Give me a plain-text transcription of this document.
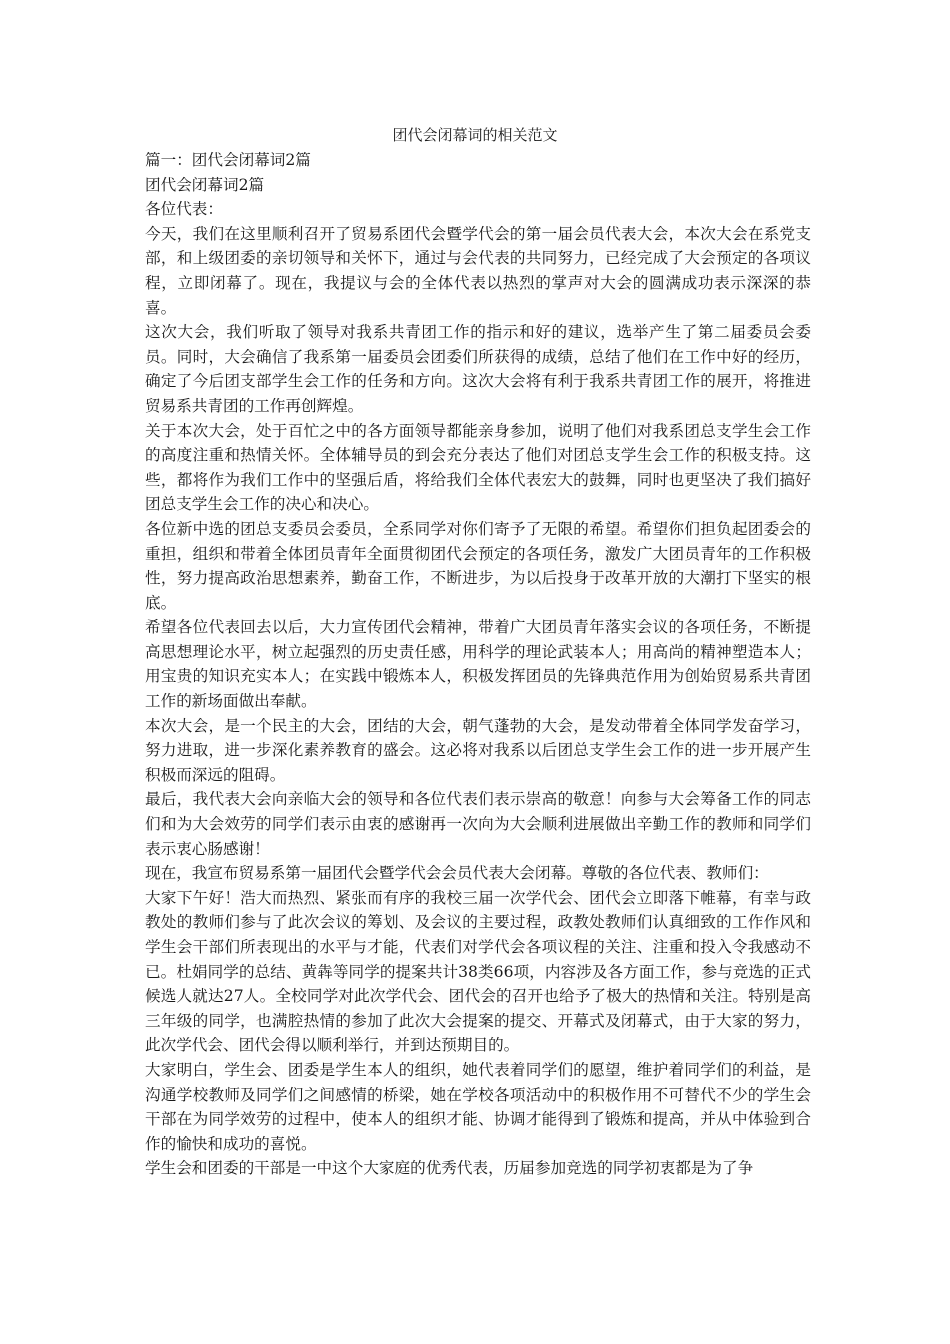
团代会闭幕词的相关范文

篇一：团代会闭幕词2篇

团代会闭幕词2篇

各位代表：

今天，我们在这里顺利召开了贸易系团代会暨学代会的第一届会员代表大会，本次大会在系党支部，和上级团委的亲切领导和关怀下，通过与会代表的共同努力，已经完成了大会预定的各项议程，立即闭幕了。现在，我提议与会的全体代表以热烈的掌声对大会的圆满成功表示深深的恭喜。

这次大会，我们听取了领导对我系共青团工作的指示和好的建议，选举产生了第二届委员会委员。同时，大会确信了我系第一届委员会团委们所获得的成绩，总结了他们在工作中好的经历，确定了今后团支部学生会工作的任务和方向。这次大会将有利于我系共青团工作的展开，将推进贸易系共青团的工作再创辉煌。

关于本次大会，处于百忙之中的各方面领导都能亲身参加，说明了他们对我系团总支学生会工作的高度注重和热情关怀。全体辅导员的到会充分表达了他们对团总支学生会工作的积极支持。这些，都将作为我们工作中的坚强后盾，将给我们全体代表宏大的鼓舞，同时也更坚决了我们搞好团总支学生会工作的决心和决心。

各位新中选的团总支委员会委员，全系同学对你们寄予了无限的希望。希望你们担负起团委会的重担，组织和带着全体团员青年全面贯彻团代会预定的各项任务，激发广大团员青年的工作积极性，努力提高政治思想素养，勤奋工作，不断进步，为以后投身于改革开放的大潮打下坚实的根底。

希望各位代表回去以后，大力宣传团代会精神，带着广大团员青年落实会议的各项任务，不断提高思想理论水平，树立起强烈的历史责任感，用科学的理论武装本人；用高尚的精神塑造本人；用宝贵的知识充实本人；在实践中锻炼本人，积极发挥团员的先锋典范作用为创始贸易系共青团工作的新场面做出奉献。

本次大会，是一个民主的大会，团结的大会，朝气蓬勃的大会，是发动带着全体同学发奋学习，努力进取，进一步深化素养教育的盛会。这必将对我系以后团总支学生会工作的进一步开展产生积极而深远的阻碍。

最后，我代表大会向亲临大会的领导和各位代表们表示崇高的敬意！向参与大会筹备工作的同志们和为大会效劳的同学们表示由衷的感谢再一次向为大会顺利进展做出辛勤工作的教师和同学们表示衷心肠感谢！

现在，我宣布贸易系第一届团代会暨学代会会员代表大会闭幕。尊敬的各位代表、教师们：

大家下午好！浩大而热烈、紧张而有序的我校三届一次学代会、团代会立即落下帷幕，有幸与政教处的教师们参与了此次会议的筹划、及会议的主要过程，政教处教师们认真细致的工作作风和学生会干部们所表现出的水平与才能，代表们对学代会各项议程的关注、注重和投入令我感动不已。杜娟同学的总结、黄犇等同学的提案共计38类66项，内容涉及各方面工作，参与竞选的正式候选人就达27人。全校同学对此次学代会、团代会的召开也给予了极大的热情和关注。特别是高三年级的同学，也满腔热情的参加了此次大会提案的提交、开幕式及闭幕式，由于大家的努力，此次学代会、团代会得以顺利举行，并到达预期目的。

大家明白，学生会、团委是学生本人的组织，她代表着同学们的愿望，维护着同学们的利益，是沟通学校教师及同学们之间感情的桥梁，她在学校各项活动中的积极作用不可替代不少的学生会干部在为同学效劳的过程中，使本人的组织才能、协调才能得到了锻炼和提高，并从中体验到合作的愉快和成功的喜悦。

学生会和团委的干部是一中这个大家庭的优秀代表，历届参加竞选的同学初衷都是为了争
